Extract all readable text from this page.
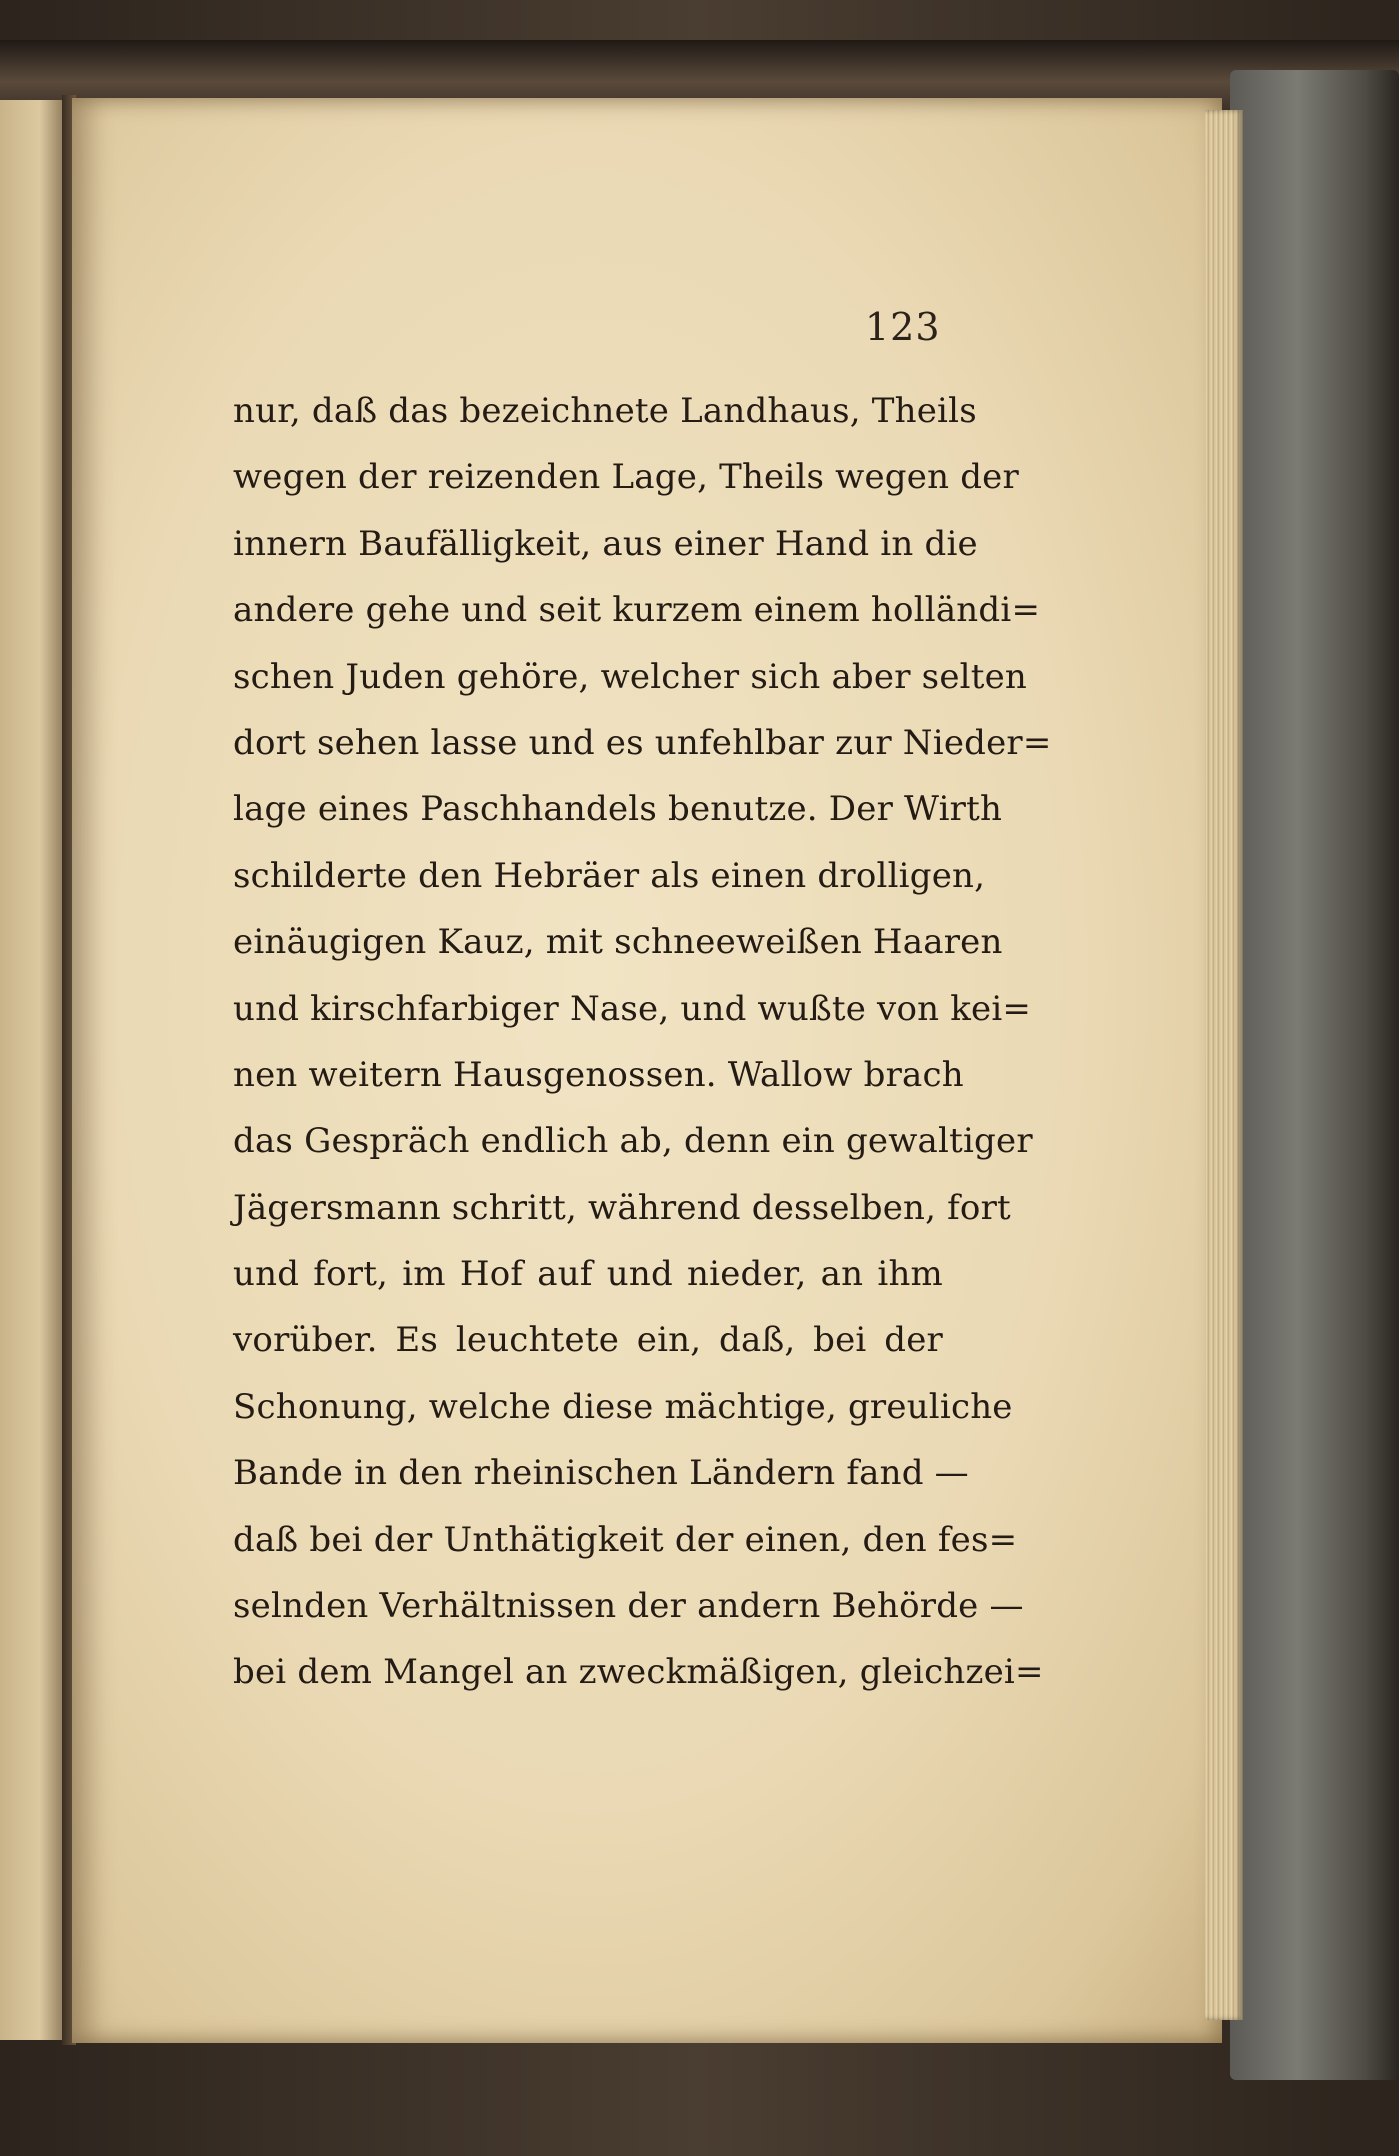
123
nur, daß das bezeichnete Landhaus, Theils
wegen der reizenden Lage, Theils wegen der
innern Baufälligkeit, aus einer Hand in die
andere gehe und seit kurzem einem holländi=
schen Juden gehöre, welcher sich aber selten
dort sehen lasse und es unfehlbar zur Nieder=
lage eines Paschhandels benutze. Der Wirth
schilderte den Hebräer als einen drolligen,
einäugigen Kauz, mit schneeweißen Haaren
und kirschfarbiger Nase, und wußte von kei=
nen weitern Hausgenossen. Wallow brach
das Gespräch endlich ab, denn ein gewaltiger
Jägersmann schritt, während desselben, fort
und fort, im Hof auf und nieder, an ihm
vorüber. Es leuchtete ein, daß, bei der
Schonung, welche diese mächtige, greuliche
Bande in den rheinischen Ländern fand —
daß bei der Unthätigkeit der einen, den fes=
selnden Verhältnissen der andern Behörde —
bei dem Mangel an zweckmäßigen, gleichzei=
